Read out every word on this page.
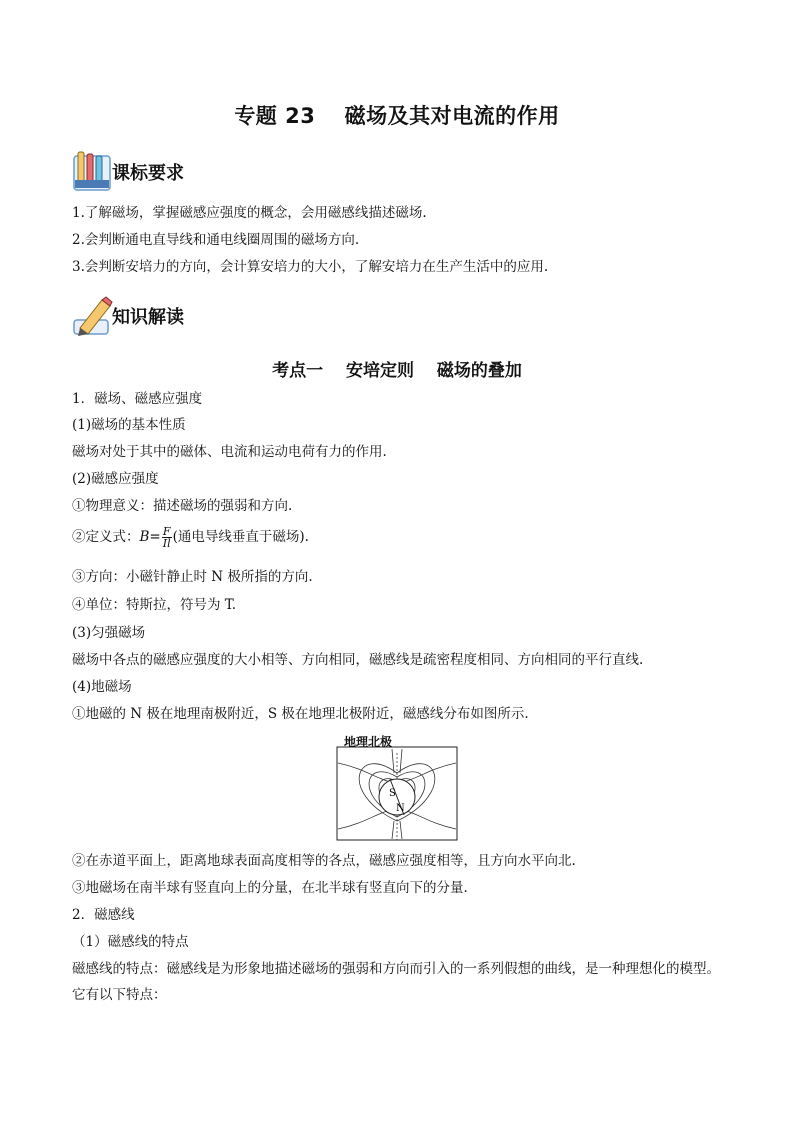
专题 23　 磁场及其对电流的作用
课标要求
1.了解磁场，掌握磁感应强度的概念，会用磁感线描述磁场.
2.会判断通电直导线和通电线圈周围的磁场方向.
3.会判断安培力的方向，会计算安培力的大小，了解安培力在生产生活中的应用.
知识解读
考点一　 安培定则　 磁场的叠加
1．磁场、磁感应强度
(1)磁场的基本性质
磁场对处于其中的磁体、电流和运动电荷有力的作用.
(2)磁感应强度
①物理意义：描述磁场的强弱和方向.
②定义式：$B= \frac{F}{Il}$ (通电导线垂直于磁场).
③方向：小磁针静止时 N 极所指的方向.
④单位：特斯拉，符号为 T.
(3)匀强磁场
磁场中各点的磁感应强度的大小相等、方向相同，磁感线是疏密程度相同、方向相同的平行直线.
(4)地磁场
①地磁的 N 极在地理南极附近，S 极在地理北极附近，磁感线分布如图所示.
S
N
地理北极
②在赤道平面上，距离地球表面高度相等的各点，磁感应强度相等，且方向水平向北.
③地磁场在南半球有竖直向上的分量，在北半球有竖直向下的分量.
2．磁感线
（1）磁感线的特点
磁感线的特点：磁感线是为形象地描述磁场的强弱和方向而引入的一系列假想的曲线，是一种理想化的模型。它有以下特点：
